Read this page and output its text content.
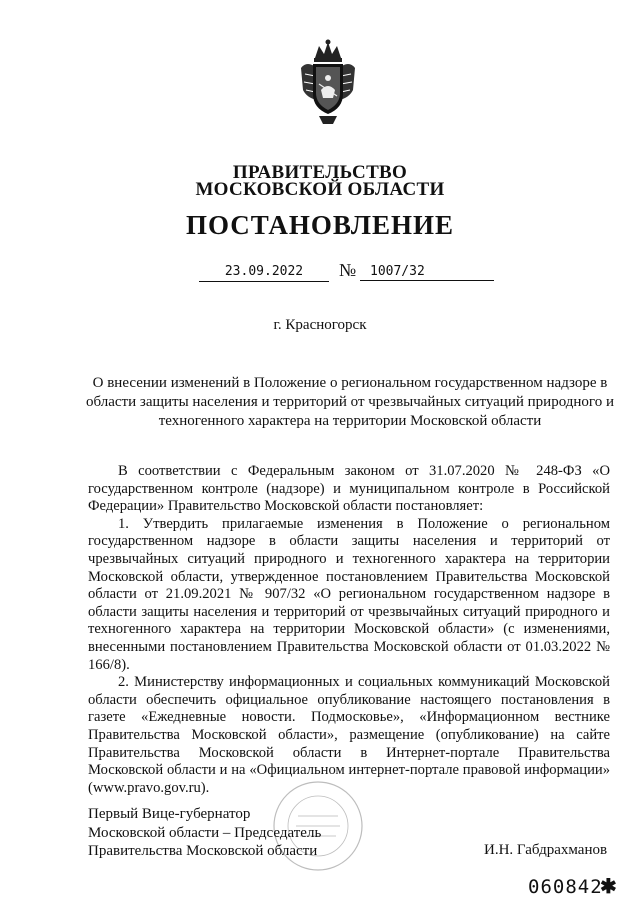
ПРАВИТЕЛЬСТВО
МОСКОВСКОЙ ОБЛАСТИ
ПОСТАНОВЛЕНИЕ
23.09.2022	№	1007/32
г. Красногорск
О внесении изменений в Положение о региональном государственном надзоре в области защиты населения и территорий от чрезвычайных ситуаций природного и техногенного характера на территории Московской области

В соответствии с Федеральным законом от 31.07.2020 № 248-ФЗ «О государственном контроле (надзоре) и муниципальном контроле в Российской Федерации» Правительство Московской области постановляет:

1. Утвердить прилагаемые изменения в Положение о региональном государственном надзоре в области защиты населения и территорий от чрезвычайных ситуаций природного и техногенного характера на территории Московской области, утвержденное постановлением Правительства Московской области от 21.09.2021 № 907/32 «О региональном государственном надзоре в области защиты населения и территорий от чрезвычайных ситуаций природного и техногенного характера на территории Московской области» (с изменениями, внесенными постановлением Правительства Московской области от 01.03.2022 № 166/8).

2. Министерству информационных и социальных коммуникаций Московской области обеспечить официальное опубликование настоящего постановления в газете «Ежедневные новости. Подмосковье», «Информационном вестнике Правительства Московской области», размещение (опубликование) на сайте Правительства Московской области в Интернет-портале Правительства Московской области и на «Официальном интернет-портале правовой информации» (www.pravo.gov.ru).

Первый Вице-губернатор
Московской области – Председатель
Правительства Московской области	И.Н. Габдрахманов
060842
✱
